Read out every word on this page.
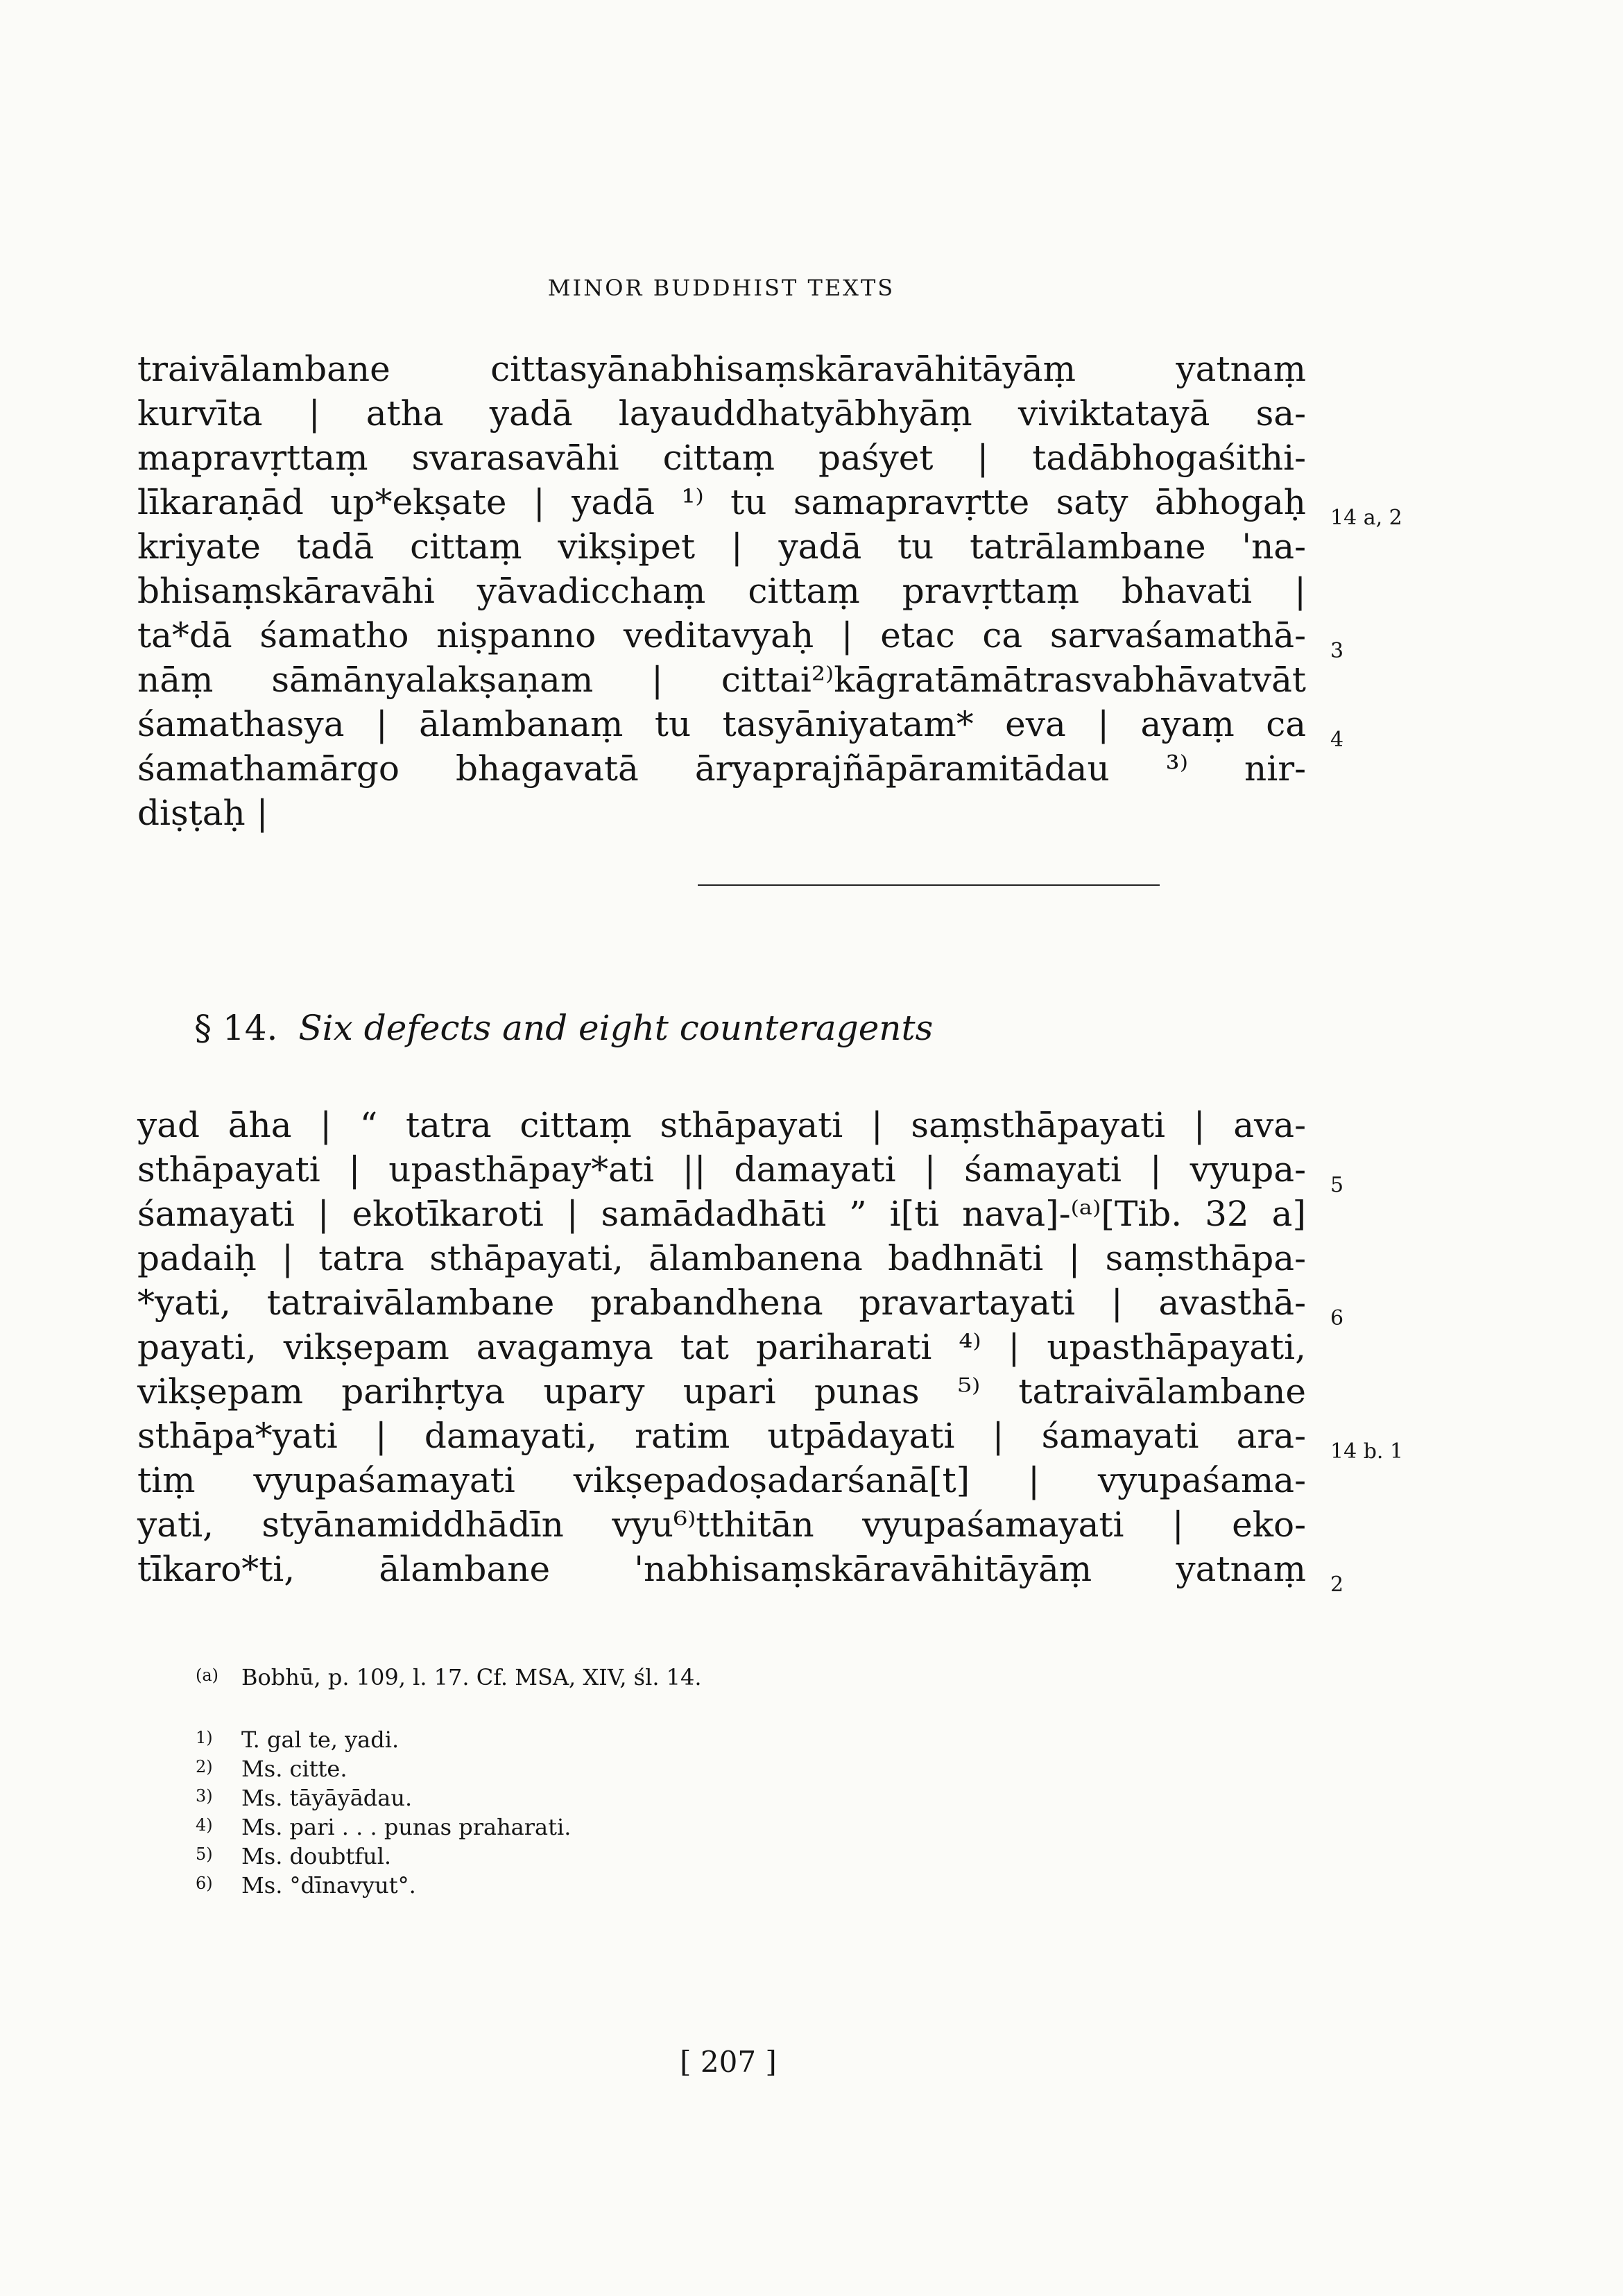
MINOR BUDDHIST TEXTS
traivālambane cittasyānabhisaṃskāravāhitāyāṃ yatnaṃ
kurvīta | atha yadā layauddhatyābhyāṃ viviktatayā sa-
mapravṛttaṃ svarasavāhi cittaṃ paśyet | tadābhogaśithi-
līkaraṇād up*ekṣate | yadā ¹⁾ tu samapravṛtte saty ābhogaḥ
kriyate tadā cittaṃ vikṣipet | yadā tu tatrālambane 'na-
bhisaṃskāravāhi yāvadicchaṃ cittaṃ pravṛttaṃ bhavati |
ta*dā śamatho niṣpanno veditavyaḥ | etac ca sarvaśamathā-
nāṃ sāmānyalakṣaṇam | cittai²⁾kāgratāmātrasvabhāvatvāt
śamathasya | ālambanaṃ tu tasyāniyatam* eva | ayaṃ ca
śamathamārgo bhagavatā āryaprajñāpāramitādau ³⁾ nir-
diṣṭaḥ |
14 a, 2
3
4
§ 14. Six defects and eight counteragents
yad āha | “ tatra cittaṃ sthāpayati | saṃsthāpayati | ava-
sthāpayati | upasthāpay*ati || damayati | śamayati | vyupa-
śamayati | ekotīkaroti | samādadhāti ” i[ti nava]-⁽ᵃ⁾[Tib. 32 a]
padaiḥ | tatra sthāpayati, ālambanena badhnāti | saṃsthāpa-
*yati, tatraivālambane prabandhena pravartayati | avasthā-
payati, vikṣepam avagamya tat pariharati ⁴⁾ | upasthāpayati,
vikṣepam parihṛtya upary upari punas ⁵⁾ tatraivālambane
sthāpa*yati | damayati, ratim utpādayati | śamayati ara-
tiṃ vyupaśamayati vikṣepadoṣadarśanā[t] | vyupaśama-
yati, styānamiddhādīn vyu⁶⁾tthitān vyupaśamayati | eko-
tīkaro*ti, ālambane 'nabhisaṃskāravāhitāyāṃ yatnaṃ
5
6
14 b. 1
2
(a) Bobhū, p. 109, l. 17. Cf. MSA, XIV, śl. 14.
1) T. gal te, yadi.
2) Ms. citte.
3) Ms. tāyāyādau.
4) Ms. pari . . . punas praharati.
5) Ms. doubtful.
6) Ms. °dīnavyut°.
[ 207 ]
